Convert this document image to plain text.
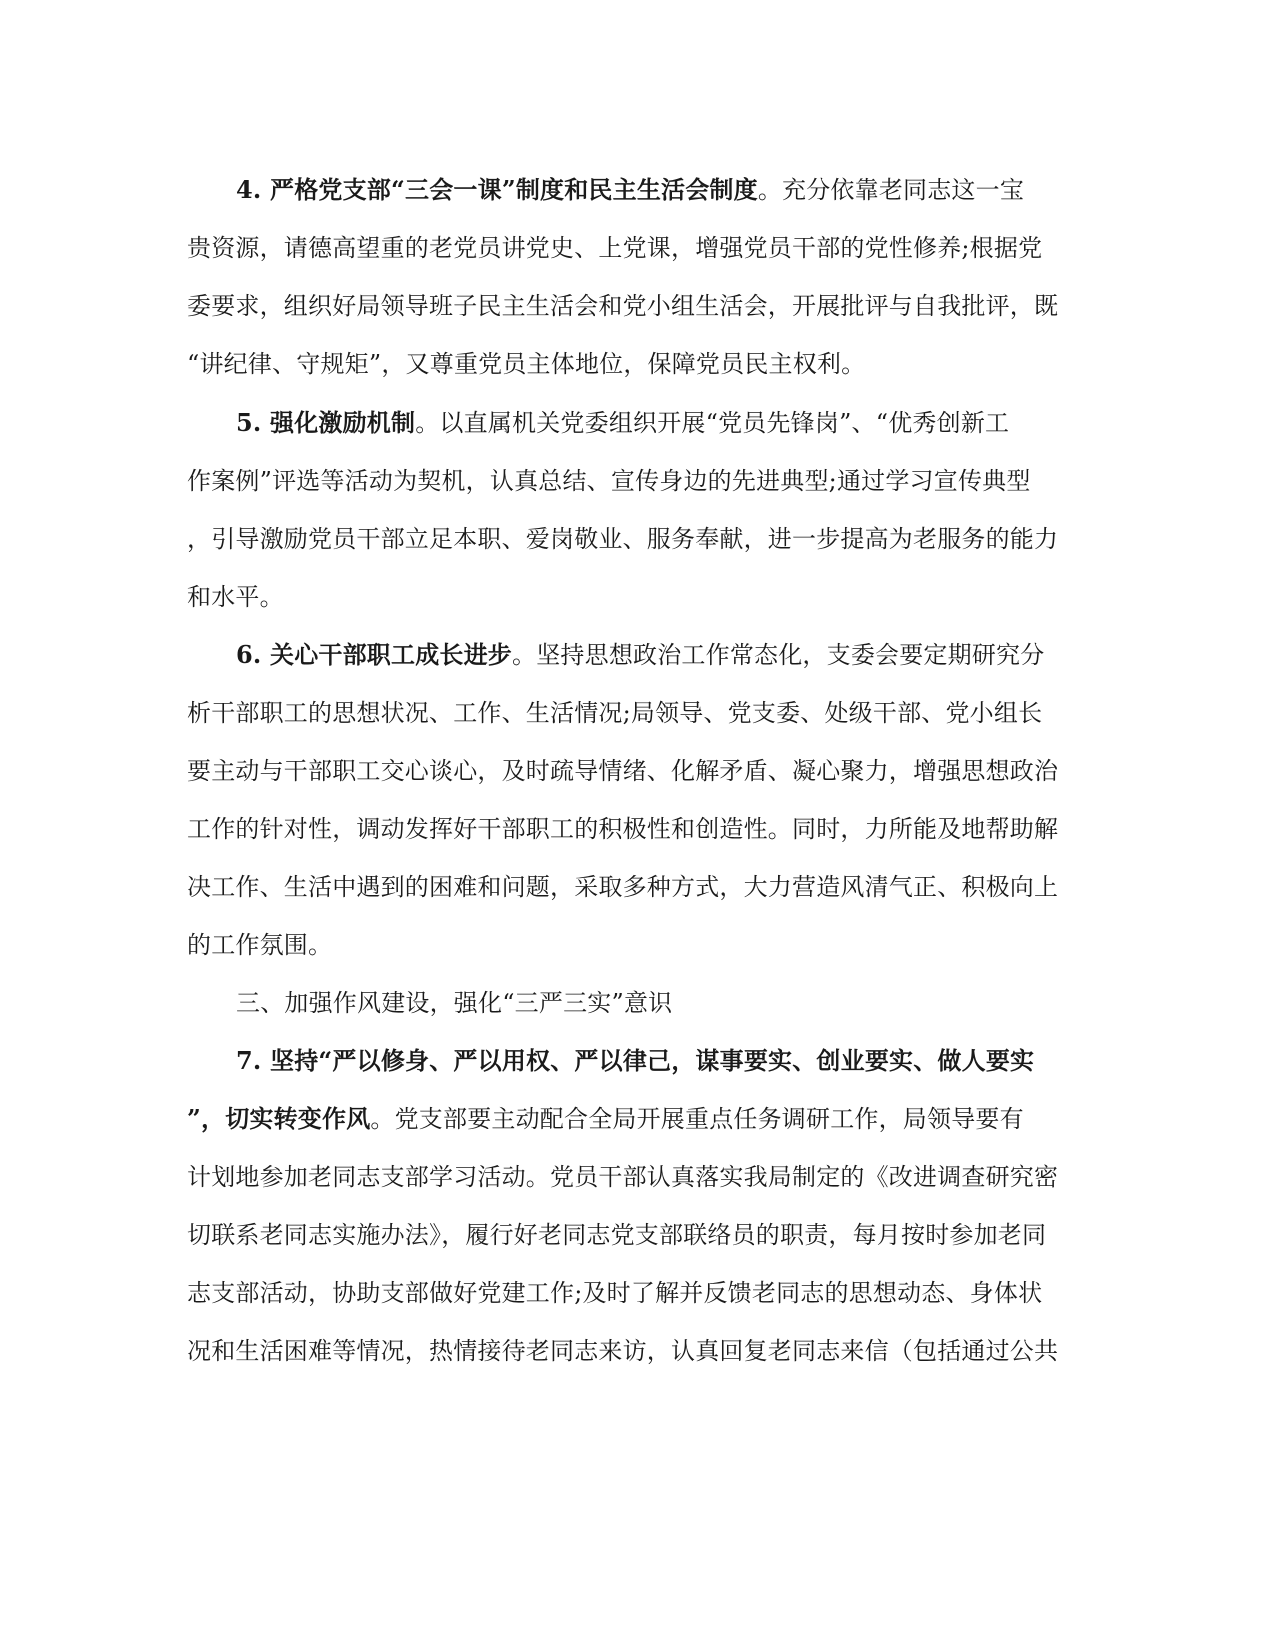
4. 严格党支部“三会一课”制度和民主生活会制度。充分依靠老同志这一宝
贵资源，请德高望重的老党员讲党史、上党课，增强党员干部的党性修养;根据党
委要求，组织好局领导班子民主生活会和党小组生活会，开展批评与自我批评，既
“讲纪律、守规矩”，又尊重党员主体地位，保障党员民主权利。
5. 强化激励机制。以直属机关党委组织开展“党员先锋岗”、“优秀创新工
作案例”评选等活动为契机，认真总结、宣传身边的先进典型;通过学习宣传典型
，引导激励党员干部立足本职、爱岗敬业、服务奉献，进一步提高为老服务的能力
和水平。
6. 关心干部职工成长进步。坚持思想政治工作常态化，支委会要定期研究分
析干部职工的思想状况、工作、生活情况;局领导、党支委、处级干部、党小组长
要主动与干部职工交心谈心，及时疏导情绪、化解矛盾、凝心聚力，增强思想政治
工作的针对性，调动发挥好干部职工的积极性和创造性。同时，力所能及地帮助解
决工作、生活中遇到的困难和问题，采取多种方式，大力营造风清气正、积极向上
的工作氛围。
三、加强作风建设，强化“三严三实”意识
7. 坚持“严以修身、严以用权、严以律己，谋事要实、创业要实、做人要实
”，切实转变作风。党支部要主动配合全局开展重点任务调研工作，局领导要有
计划地参加老同志支部学习活动。党员干部认真落实我局制定的《改进调查研究密
切联系老同志实施办法》，履行好老同志党支部联络员的职责，每月按时参加老同
志支部活动，协助支部做好党建工作;及时了解并反馈老同志的思想动态、身体状
况和生活困难等情况，热情接待老同志来访，认真回复老同志来信（包括通过公共
